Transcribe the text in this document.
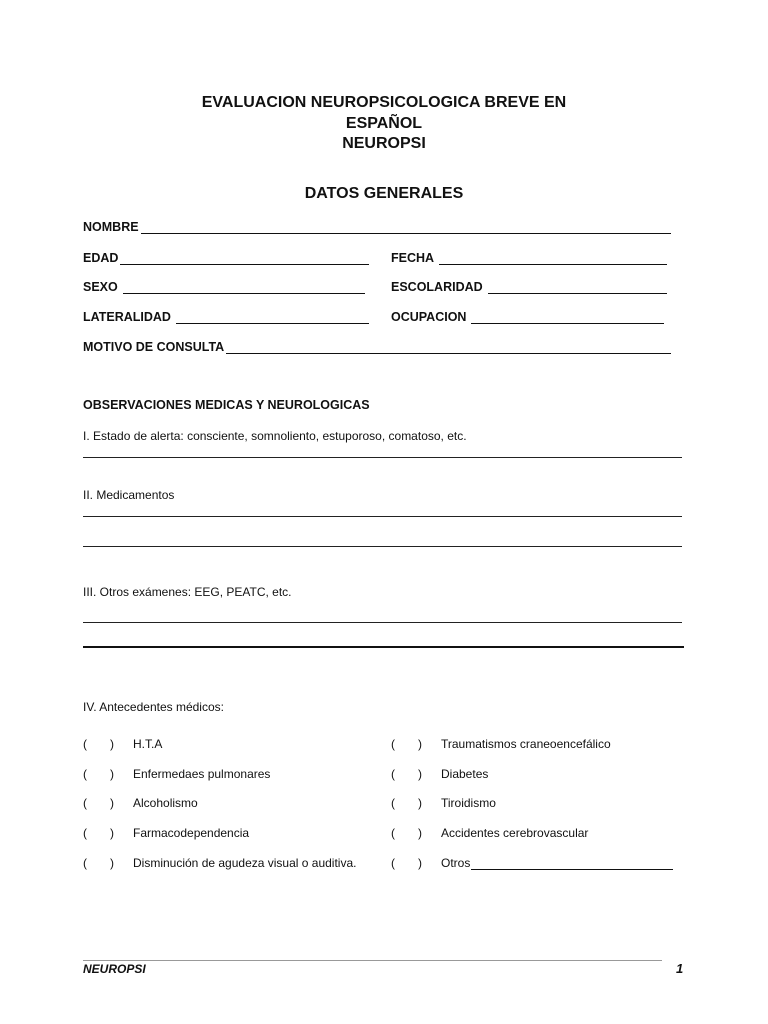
EVALUACION NEUROPSICOLOGICA BREVE EN
ESPAÑOL
NEUROPSI
DATOS GENERALES
NOMBRE
EDAD	FECHA
SEXO	ESCOLARIDAD
LATERALIDAD	OCUPACION
MOTIVO DE CONSULTA
OBSERVACIONES MEDICAS Y NEUROLOGICAS
I. Estado de alerta: consciente, somnoliento, estuporoso, comatoso, etc.
II. Medicamentos
III. Otros exámenes: EEG, PEATC, etc.
IV. Antecedentes médicos:
( ) H.T.A
( ) Enfermedaes pulmonares
( ) Alcoholismo
( ) Farmacodependencia
( ) Disminución de agudeza visual o auditiva.
( ) Traumatismos craneoencefálico
( ) Diabetes
( ) Tiroidismo
( ) Accidentes cerebrovascular
( ) Otros
NEUROPSI	1
